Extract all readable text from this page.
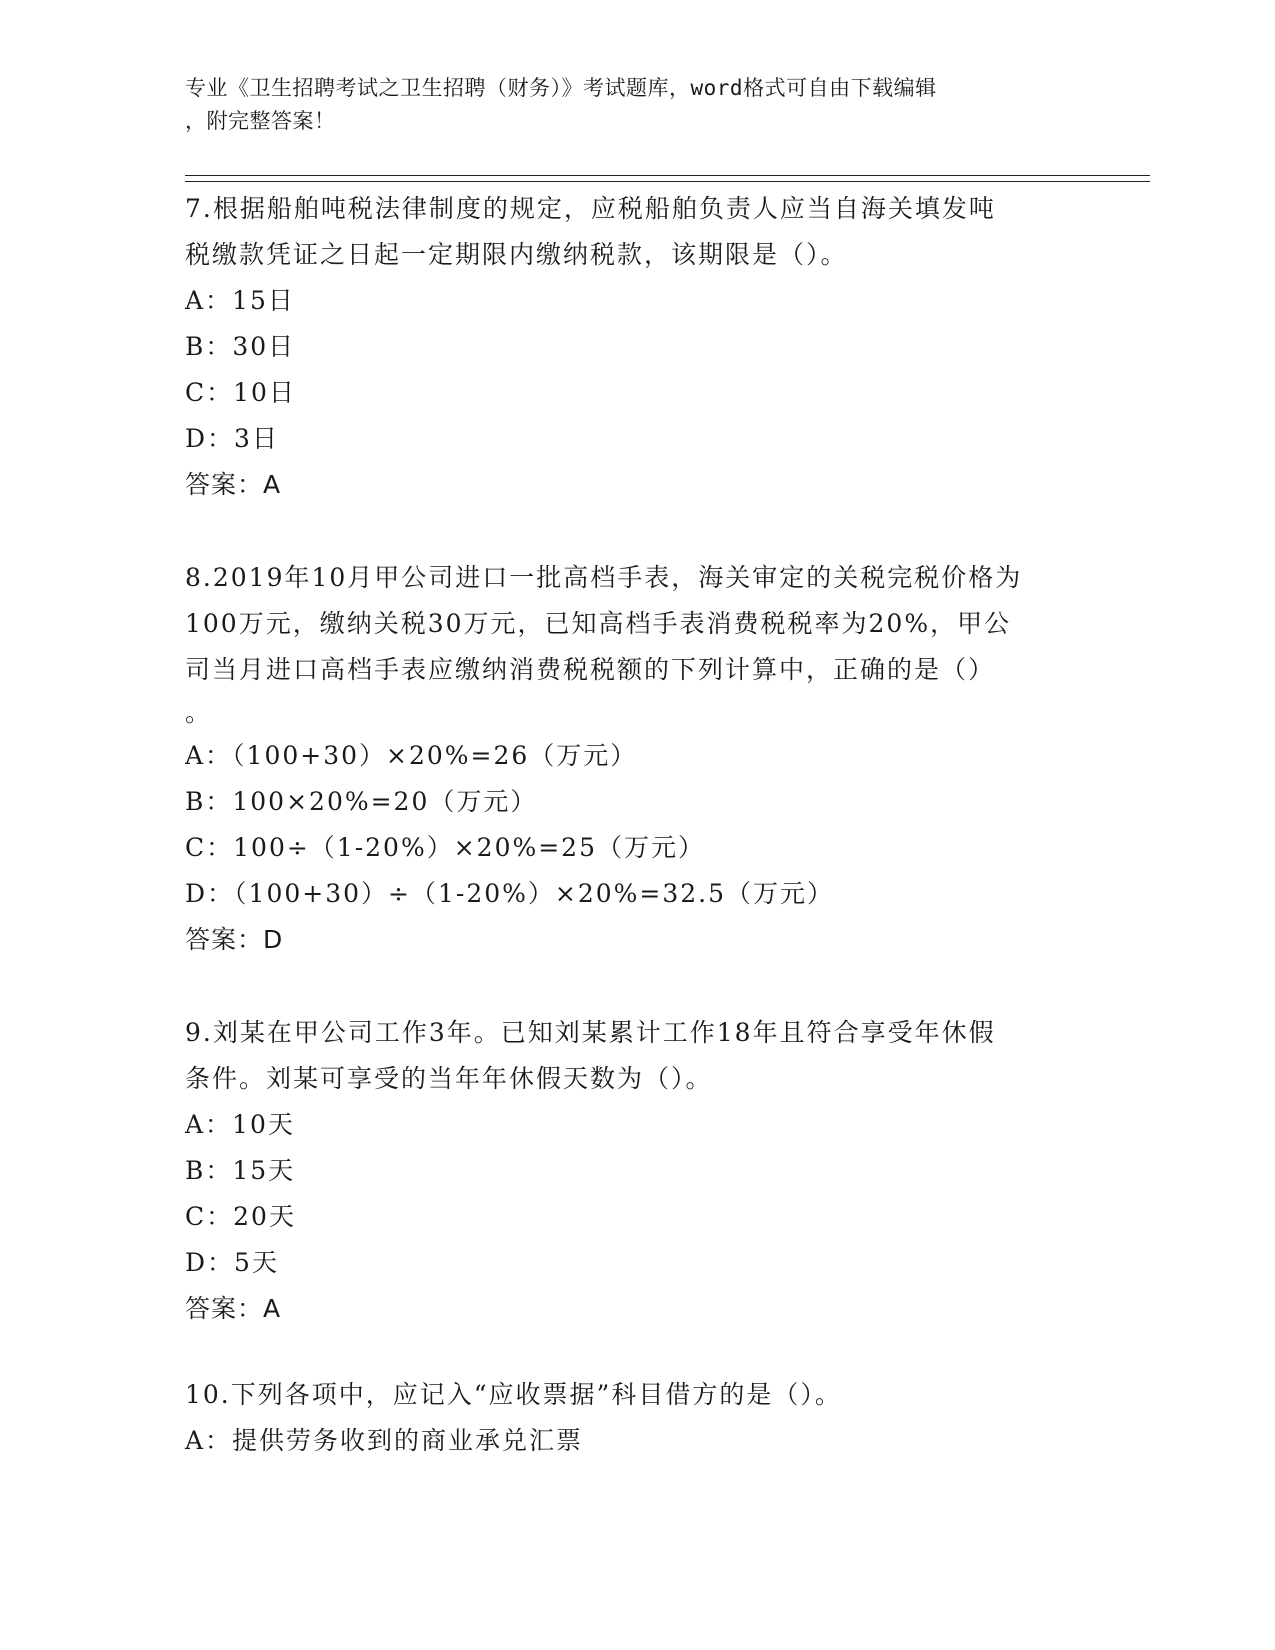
专业《卫生招聘考试之卫生招聘（财务）》考试题库，word格式可自由下载编辑
，附完整答案！
7.根据船舶吨税法律制度的规定，应税船舶负责人应当自海关填发吨
税缴款凭证之日起一定期限内缴纳税款，该期限是（）。
A：15日
B：30日
C：10日
D：3日
答案：A
8.2019年10月甲公司进口一批高档手表，海关审定的关税完税价格为
100万元，缴纳关税30万元，已知高档手表消费税税率为20%，甲公
司当月进口高档手表应缴纳消费税税额的下列计算中，正确的是（）
。
A：（100+30）×20%=26（万元）
B：100×20%=20（万元）
C：100÷（1-20%）×20%=25（万元）
D：（100+30）÷（1-20%）×20%=32.5（万元）
答案：D
9.刘某在甲公司工作3年。已知刘某累计工作18年且符合享受年休假
条件。刘某可享受的当年年休假天数为（）。
A：10天
B：15天
C：20天
D：5天
答案：A
10.下列各项中，应记入“应收票据”科目借方的是（）。
A：提供劳务收到的商业承兑汇票
